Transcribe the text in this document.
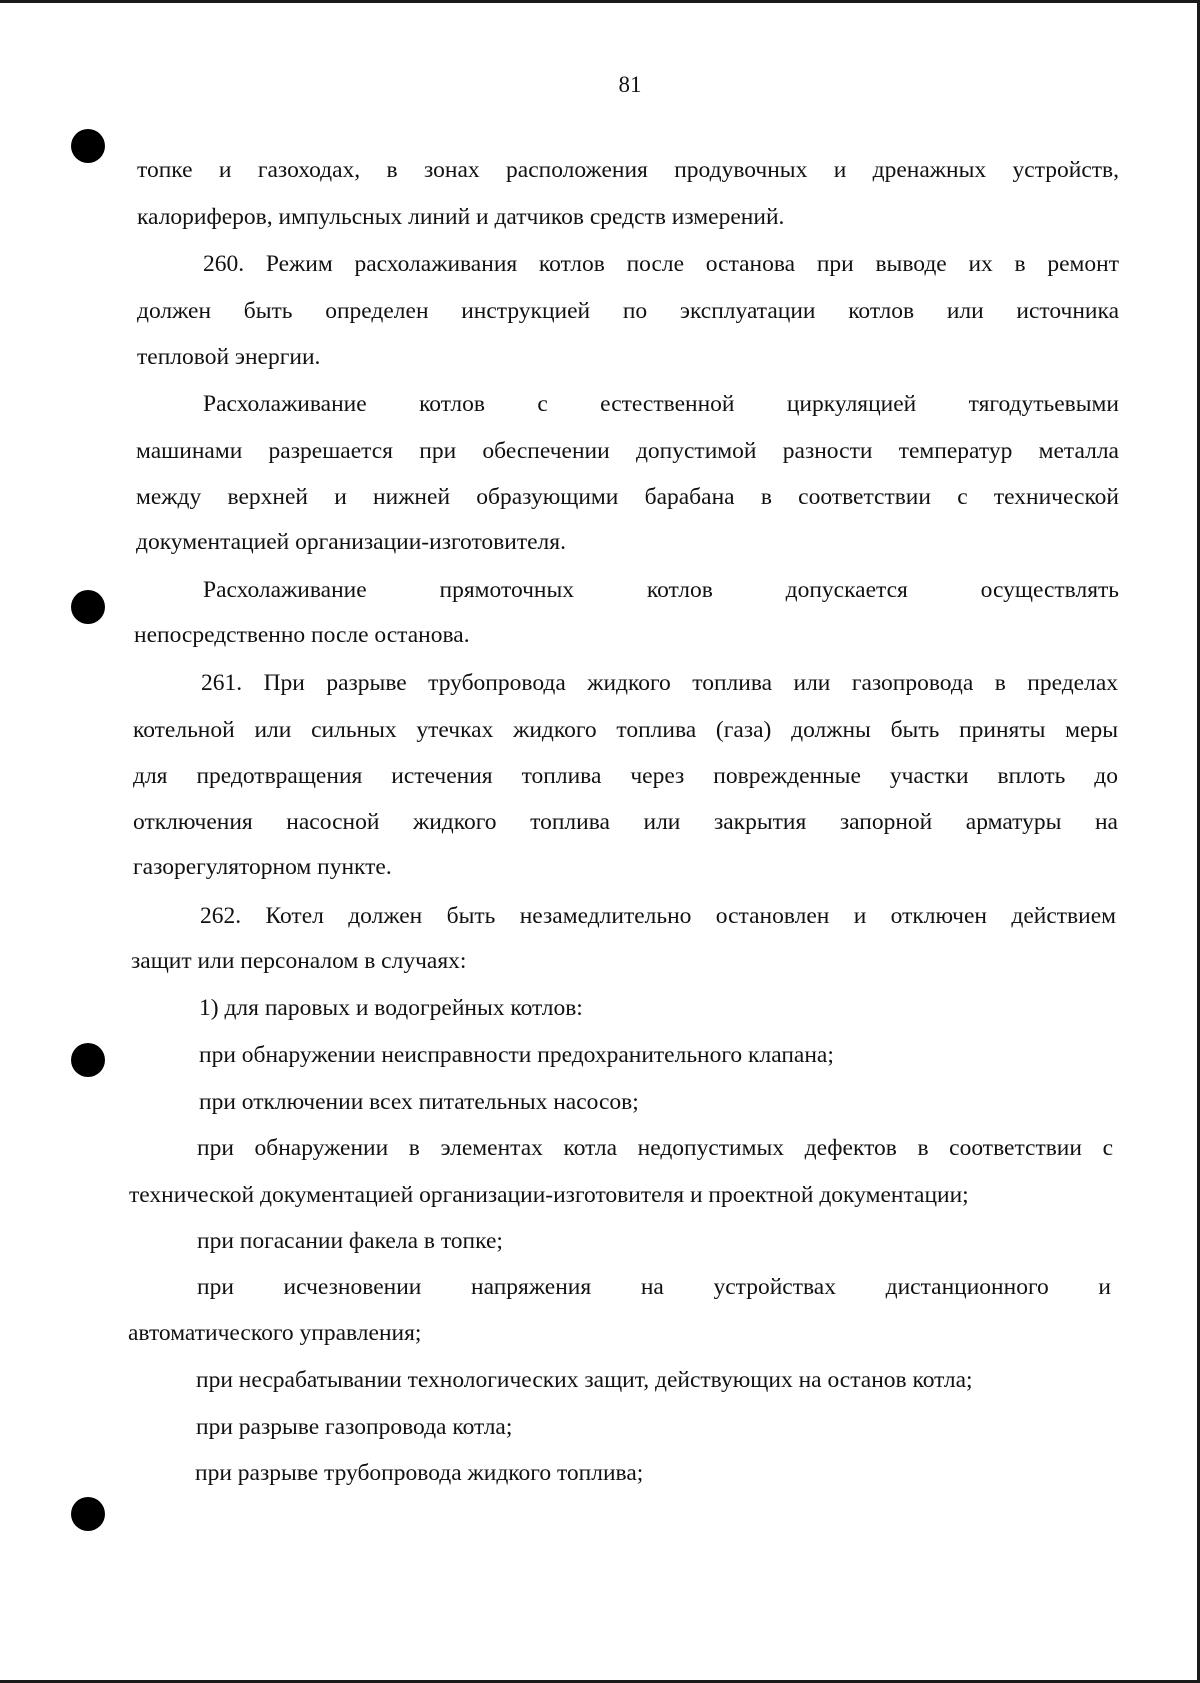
81
топке и газоходах, в зонах расположения продувочных и дренажных устройств,
калориферов, импульсных линий и датчиков средств измерений.
260. Режим расхолаживания котлов после останова при выводе их в ремонт
должен быть определен инструкцией по эксплуатации котлов или источника
тепловой энергии.
Расхолаживание котлов с естественной циркуляцией тягодутьевыми
машинами разрешается при обеспечении допустимой разности температур металла
между верхней и нижней образующими барабана в соответствии с технической
документацией организации-изготовителя.
Расхолаживание прямоточных котлов допускается осуществлять
непосредственно после останова.
261. При разрыве трубопровода жидкого топлива или газопровода в пределах
котельной или сильных утечках жидкого топлива (газа) должны быть приняты меры
для предотвращения истечения топлива через поврежденные участки вплоть до
отключения насосной жидкого топлива или закрытия запорной арматуры на
газорегуляторном пункте.
262. Котел должен быть незамедлительно остановлен и отключен действием
защит или персоналом в случаях:
1) для паровых и водогрейных котлов:
при обнаружении неисправности предохранительного клапана;
при отключении всех питательных насосов;
при обнаружении в элементах котла недопустимых дефектов в соответствии с
технической документацией организации-изготовителя и проектной документации;
при погасании факела в топке;
при исчезновении напряжения на устройствах дистанционного и
автоматического управления;
при несрабатывании технологических защит, действующих на останов котла;
при разрыве газопровода котла;
при разрыве трубопровода жидкого топлива;
